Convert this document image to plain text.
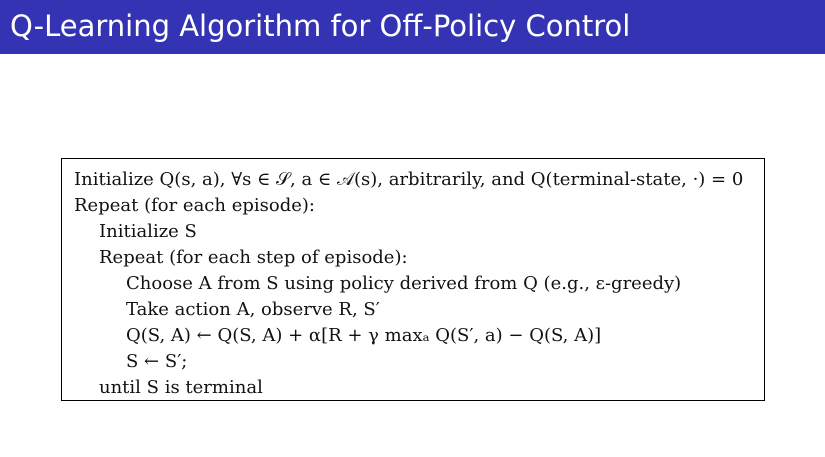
Q-Learning Algorithm for Off-Policy Control
Initialize Q(s, a), ∀s ∈ 𝒮, a ∈ 𝒜(s), arbitrarily, and Q(terminal-state, ·) = 0
Repeat (for each episode):
Initialize S
Repeat (for each step of episode):
Choose A from S using policy derived from Q (e.g., ε-greedy)
Take action A, observe R, S′
Q(S, A) ← Q(S, A) + α[R + γ maxₐ Q(S′, a) − Q(S, A)]
S ← S′;
until S is terminal
